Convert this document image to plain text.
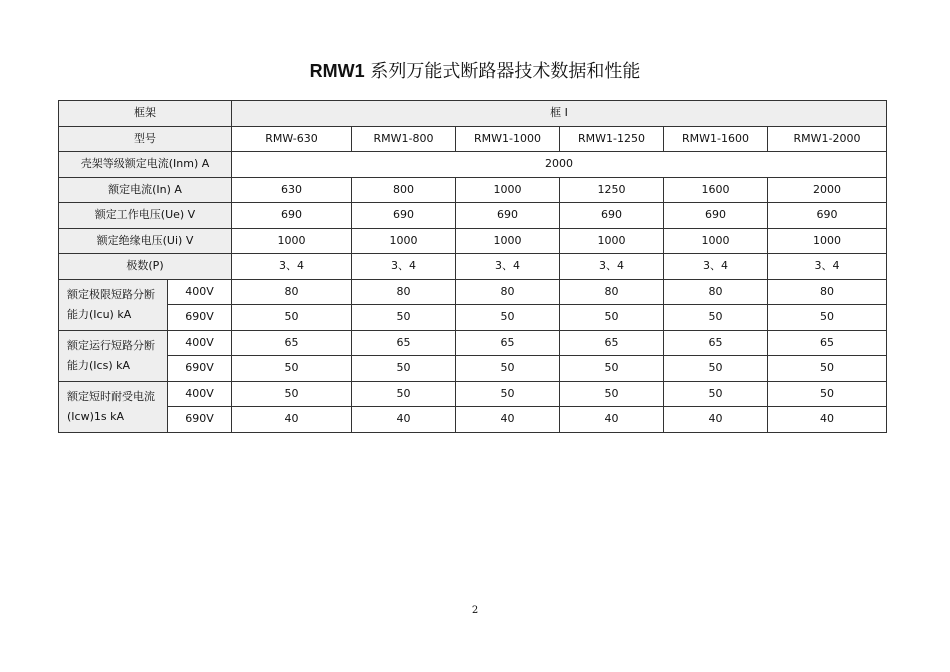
RMW1 系列万能式断路器技术数据和性能
框架		框 I					
型号		RMW-630	RMW1-800	RMW1-1000	RMW1-1250	RMW1-1600	RMW1-2000
壳架等级额定电流(Inm) A		2000					
额定电流(In) A		630	800	1000	1250	1600	2000
额定工作电压(Ue) V		690	690	690	690	690	690
额定绝缘电压(Ui) V		1000	1000	1000	1000	1000	1000
极数(P)		3、4	3、4	3、4	3、4	3、4	3、4
额定极限短路分断
能力(Icu) kA	400V	80	80	80	80	80	80
	690V	50	50	50	50	50	50
额定运行短路分断
能力(Ics) kA	400V	65	65	65	65	65	65
	690V	50	50	50	50	50	50
额定短时耐受电流
(Icw)1s kA	400V	50	50	50	50	50	50
	690V	40	40	40	40	40	40
2
